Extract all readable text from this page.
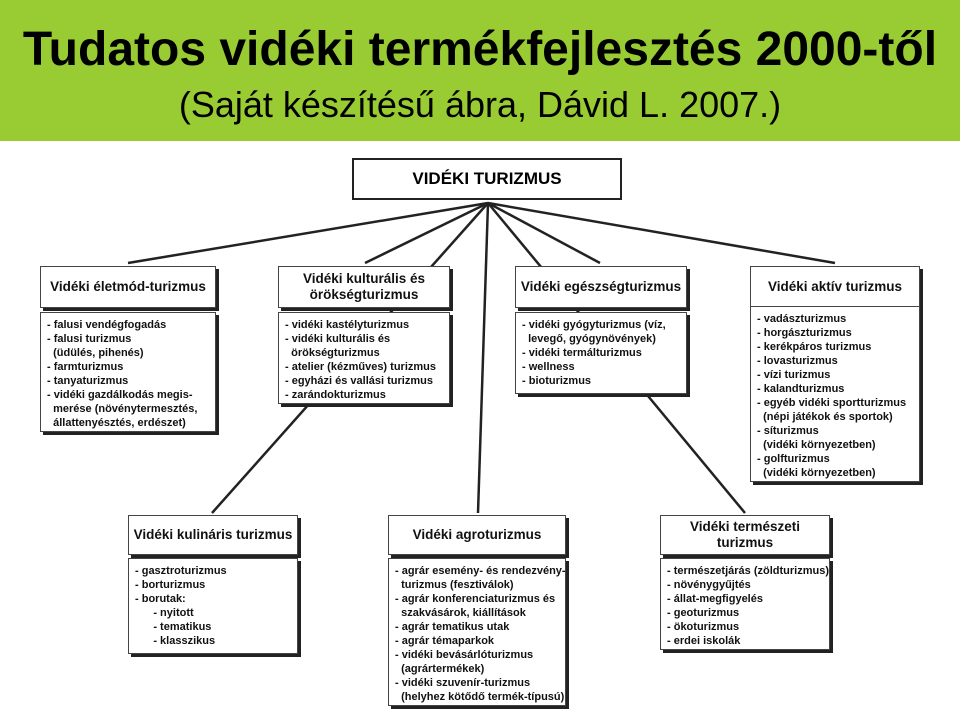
Tudatos vidéki termékfejlesztés 2000-től
(Saját készítésű ábra, Dávid L. 2007.)
VIDÉKI TURIZMUS
Vidéki életmód-turizmus
- falusi vendégfogadás
- falusi turizmus
(üdülés, pihenés)
- farmturizmus
- tanyaturizmus
- vidéki gazdálkodás megis-
merése (növénytermesztés,
állattenyésztés, erdészet)
Vidéki kulturális és örökségturizmus
- vidéki kastélyturizmus
- vidéki kulturális és
örökségturizmus
- atelier (kézműves) turizmus
- egyházi és vallási turizmus
- zarándokturizmus
Vidéki egészségturizmus
- vidéki gyógyturizmus (víz,
levegő, gyógynövények)
- vidéki termálturizmus
- wellness
- bioturizmus
Vidéki aktív turizmus
- vadászturizmus
- horgászturizmus
- kerékpáros turizmus
- lovasturizmus
- vízi turizmus
- kalandturizmus
- egyéb vidéki sportturizmus
(népi játékok és sportok)
- síturizmus
(vidéki környezetben)
- golfturizmus
(vidéki környezetben)
Vidéki kulináris turizmus
- gasztroturizmus
- borturizmus
- borutak:
- nyitott
- tematikus
- klasszikus
Vidéki agroturizmus
- agrár esemény- és rendezvény-
turizmus (fesztiválok)
- agrár konferenciaturizmus és
szakvásárok, kiállítások
- agrár tematikus utak
- agrár témaparkok
- vidéki bevásárlóturizmus
(agrártermékek)
- vidéki szuvenír-turizmus
(helyhez kötődő termék-típusú)
Vidéki természeti turizmus
- természetjárás (zöldturizmus)
- növénygyűjtés
- állat-megfigyelés
- geoturizmus
- ökoturizmus
- erdei iskolák
